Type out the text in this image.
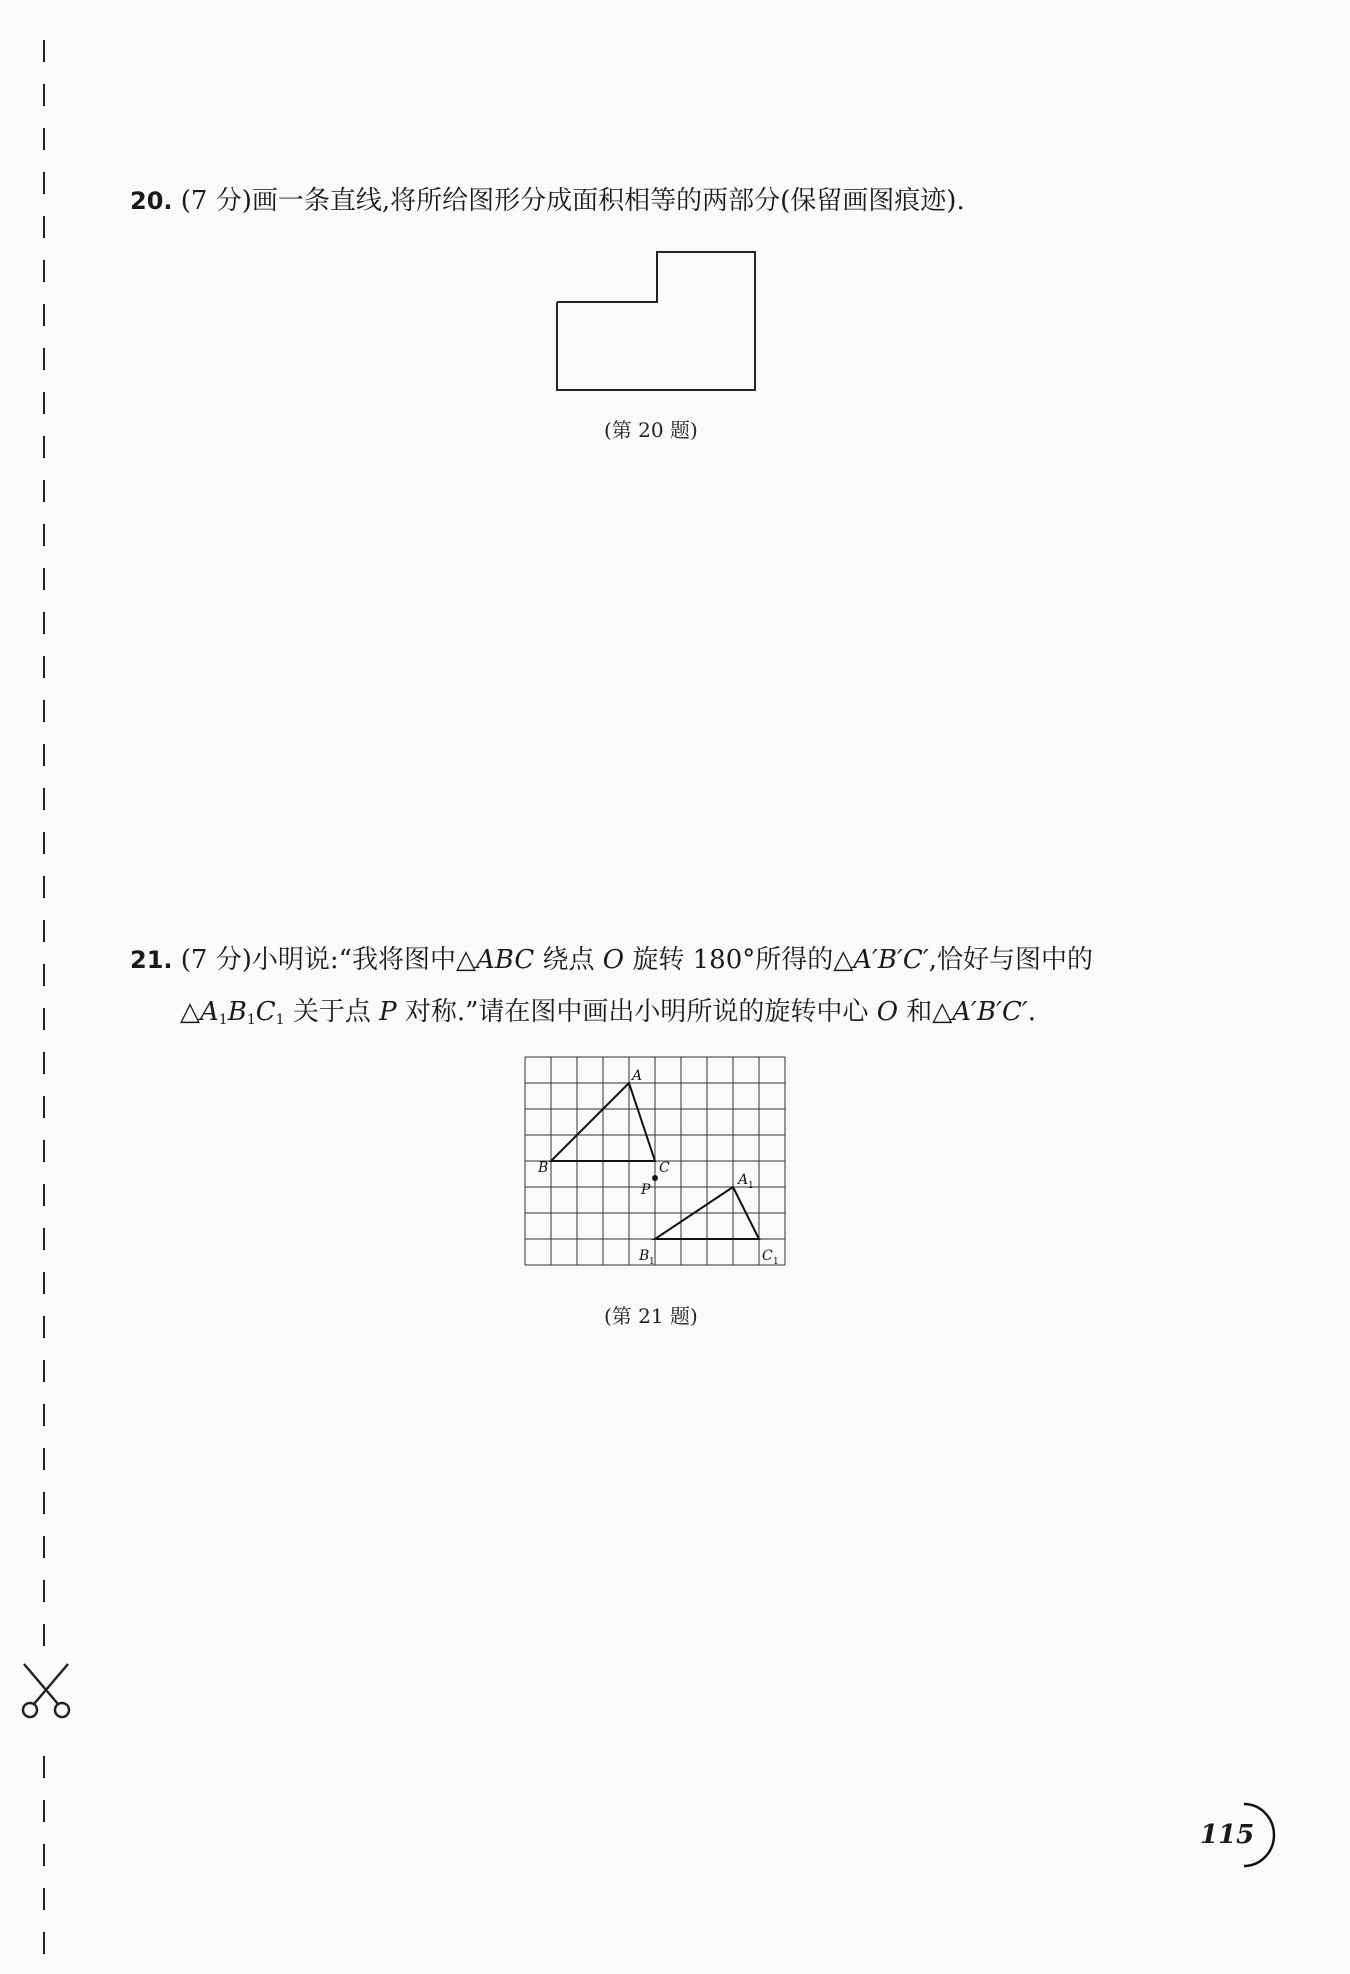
20. (7 分)画一条直线,将所给图形分成面积相等的两部分(保留画图痕迹).
(第 20 题)
21. (7 分)小明说:“我将图中△ABC 绕点 O 旋转 180°所得的△A′B′C′,恰好与图中的
$\triangle A_1B_1C_1$ 关于点 P 对称.”请在图中画出小明所说的旋转中心 O 和△A′B′C′.
A
B	C
P
A 1
B 1	C 1
(第 21 题)
115
